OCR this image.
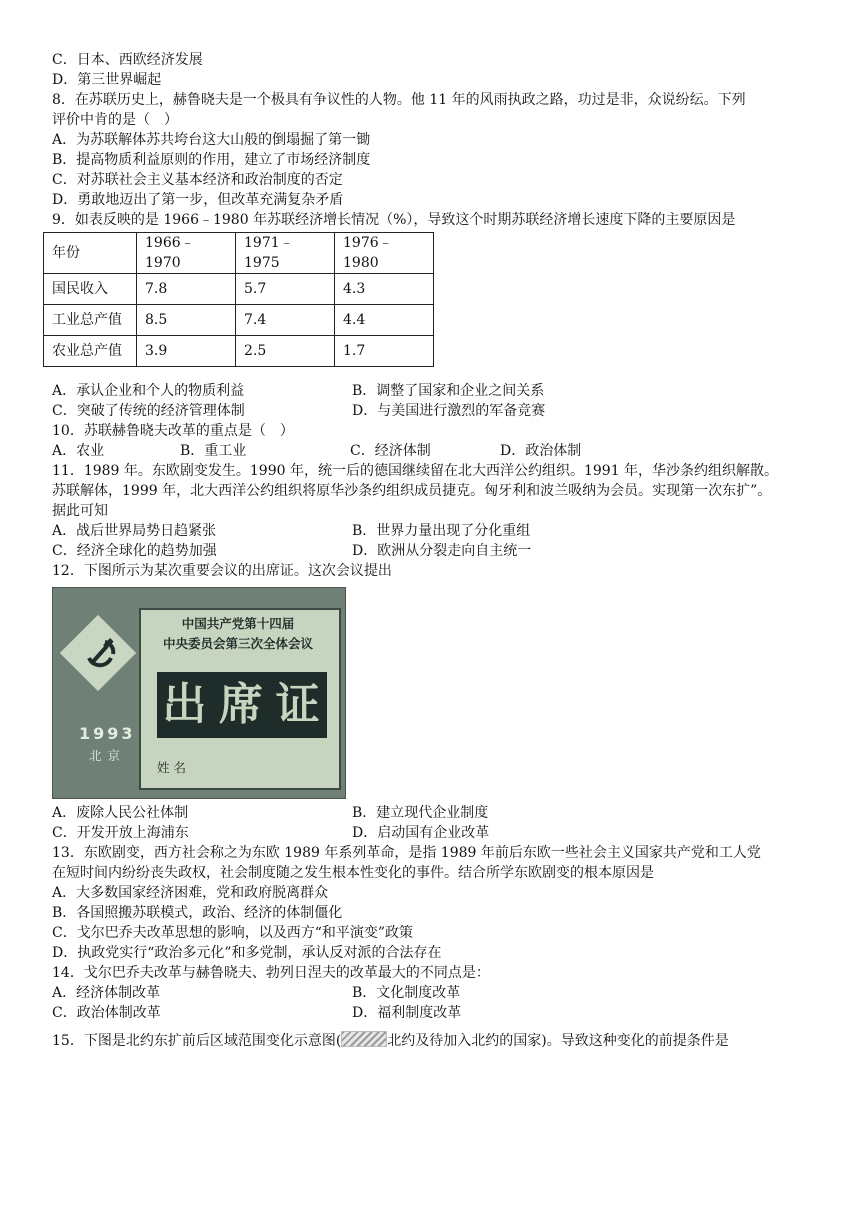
C．日本、西欧经济发展
D．第三世界崛起
8．在苏联历史上，赫鲁晓夫是一个极具有争议性的人物。他 11 年的风雨执政之路，功过是非，众说纷纭。下列
评价中肯的是（　）
A．为苏联解体苏共垮台这大山般的倒塌掘了第一锄
B．提高物质利益原则的作用，建立了市场经济制度
C．对苏联社会主义基本经济和政治制度的否定
D．勇敢地迈出了第一步，但改革充满复杂矛盾
9．如表反映的是 1966﹣1980 年苏联经济增长情况（%），导致这个时期苏联经济增长速度下降的主要原因是
年份	1966﹣1970	1971﹣1975	1976﹣1980
国民收入	7.8	5.7	4.3
工业总产值	8.5	7.4	4.4
农业总产值	3.9	2.5	1.7
A．承认企业和个人的物质利益	B．调整了国家和企业之间关系
C．突破了传统的经济管理体制	D．与美国进行激烈的军备竞赛
10．苏联赫鲁晓夫改革的重点是（　）
A．农业	B．重工业	C．经济体制	D．政治体制
11．1989 年。东欧剧变发生。1990 年，统一后的德国继续留在北大西洋公约组织。1991 年，华沙条约组织解散。
苏联解体，1999 年，北大西洋公约组织将原华沙条约组织成员捷克。匈牙利和波兰吸纳为会员。实现第一次东扩”。
据此可知
A．战后世界局势日趋紧张	B．世界力量出现了分化重组
C．经济全球化的趋势加强	D．欧洲从分裂走向自主统一
12．下图所示为某次重要会议的出席证。这次会议提出
1993
北京
中国共产党第十四届
中央委员会第三次全体会议
出 席 证
姓名
A．废除人民公社体制	B．建立现代企业制度
C．开发开放上海浦东	D．启动国有企业改革
13．东欧剧变，西方社会称之为东欧 1989 年系列革命，是指 1989 年前后东欧一些社会主义国家共产党和工人党
在短时间内纷纷丧失政权，社会制度随之发生根本性变化的事件。结合所学东欧剧变的根本原因是
A．大多数国家经济困难，党和政府脱离群众
B．各国照搬苏联模式，政治、经济的体制僵化
C．戈尔巴乔夫改革思想的影响，以及西方“和平演变”政策
D．执政党实行“政治多元化”和多党制，承认反对派的合法存在
14．戈尔巴乔夫改革与赫鲁晓夫、勃列日涅夫的改革最大的不同点是：
A．经济体制改革	B．文化制度改革
C．政治体制改革	D．福利制度改革
15．下图是北约东扩前后区域范围变化示意图(	北约及待加入北约的国家)。导致这种变化的前提条件是
